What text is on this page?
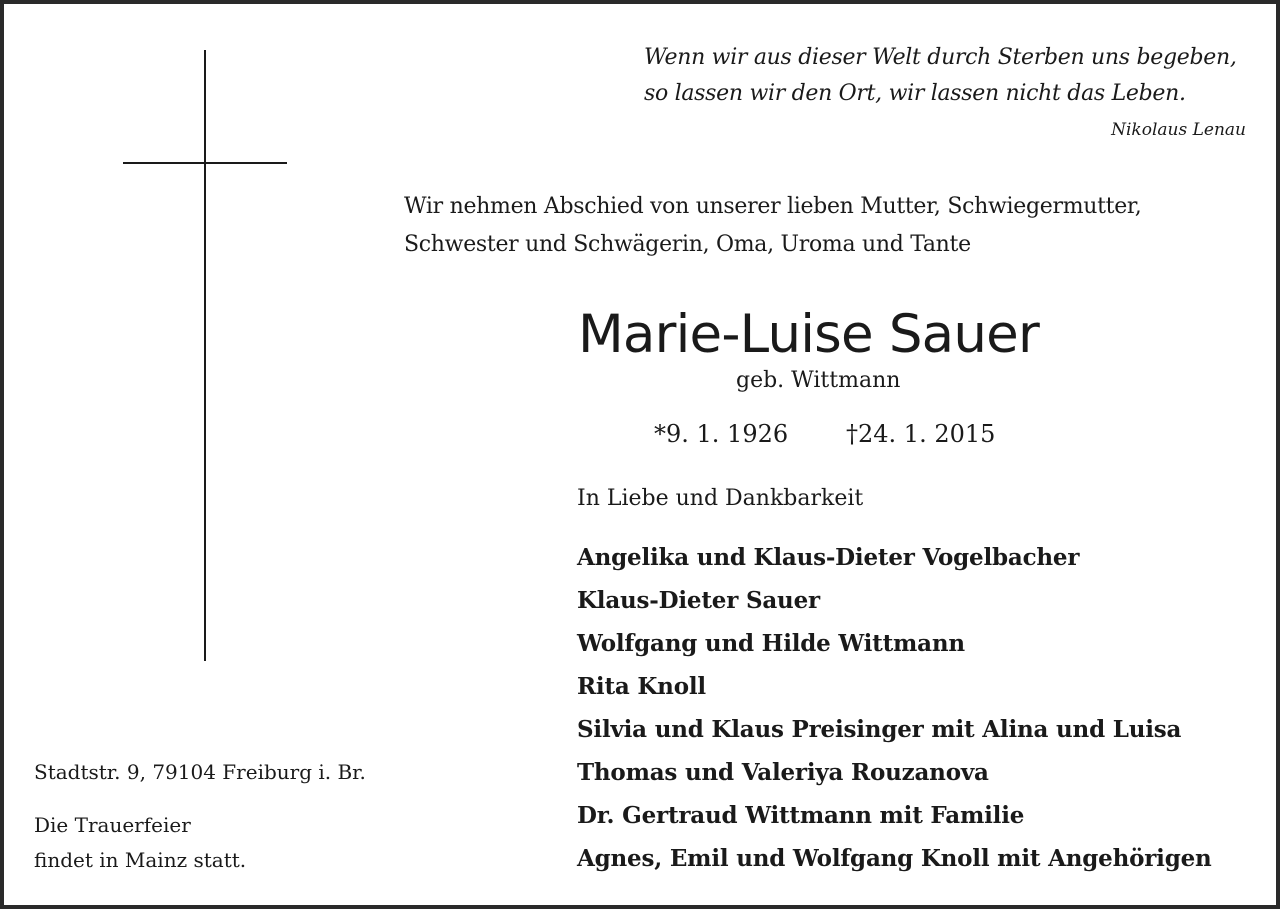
Wenn wir aus dieser Welt durch Sterben uns begeben,
so lassen wir den Ort, wir lassen nicht das Leben.
Nikolaus Lenau
Wir nehmen Abschied von unserer lieben Mutter, Schwiegermutter,
Schwester und Schwägerin, Oma, Uroma und Tante
Marie-Luise Sauer
geb. Wittmann
*9. 1. 1926 †24. 1. 2015
In Liebe und Dankbarkeit
Angelika und Klaus-Dieter Vogelbacher
Klaus-Dieter Sauer
Wolfgang und Hilde Wittmann
Rita Knoll
Silvia und Klaus Preisinger mit Alina und Luisa
Thomas und Valeriya Rouzanova
Dr. Gertraud Wittmann mit Familie
Agnes, Emil und Wolfgang Knoll mit Angehörigen
Stadtstr. 9, 79104 Freiburg i. Br.
Die Trauerfeier
findet in Mainz statt.
